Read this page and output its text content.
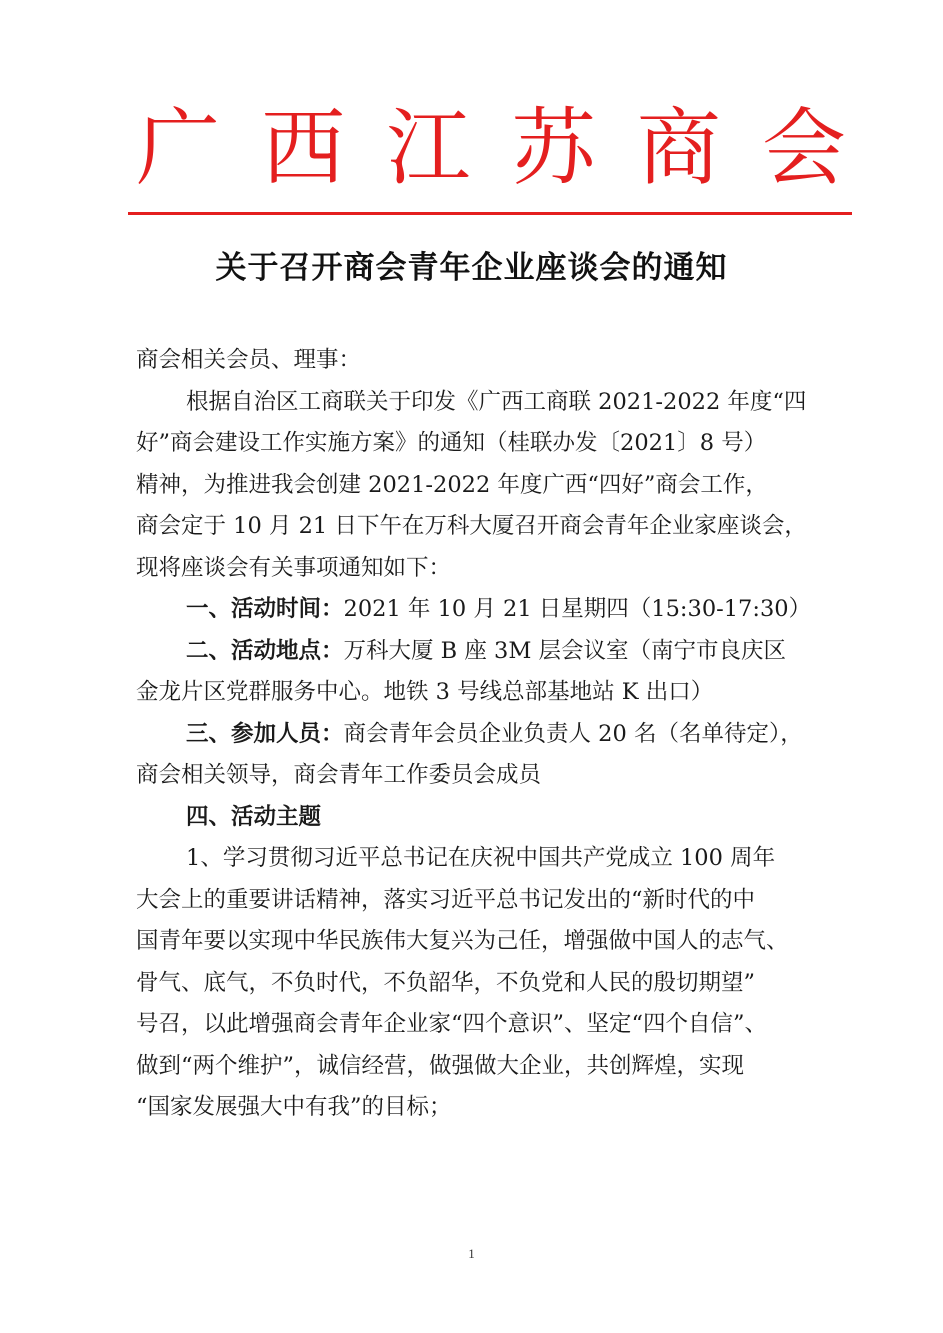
广 西 江 苏 商 会
关于召开商会青年企业座谈会的通知
商会相关会员、理事：
根据自治区工商联关于印发《广西工商联 2021-2022 年度“四
好”商会建设工作实施方案》的通知（桂联办发〔2021〕8 号）
精神，为推进我会创建 2021-2022 年度广西“四好”商会工作，
商会定于 10 月 21 日下午在万科大厦召开商会青年企业家座谈会，
现将座谈会有关事项通知如下：
一、活动时间：2021 年 10 月 21 日星期四（15:30-17:30）
二、活动地点：万科大厦 B 座 3M 层会议室（南宁市良庆区
金龙片区党群服务中心。地铁 3 号线总部基地站 K 出口）
三、参加人员：商会青年会员企业负责人 20 名（名单待定），
商会相关领导，商会青年工作委员会成员
四、活动主题
1、学习贯彻习近平总书记在庆祝中国共产党成立 100 周年
大会上的重要讲话精神，落实习近平总书记发出的“新时代的中
国青年要以实现中华民族伟大复兴为己任，增强做中国人的志气、
骨气、底气，不负时代，不负韶华，不负党和人民的殷切期望”
号召，以此增强商会青年企业家“四个意识”、坚定“四个自信”、
做到“两个维护”，诚信经营，做强做大企业，共创辉煌，实现
“国家发展强大中有我”的目标；
1
